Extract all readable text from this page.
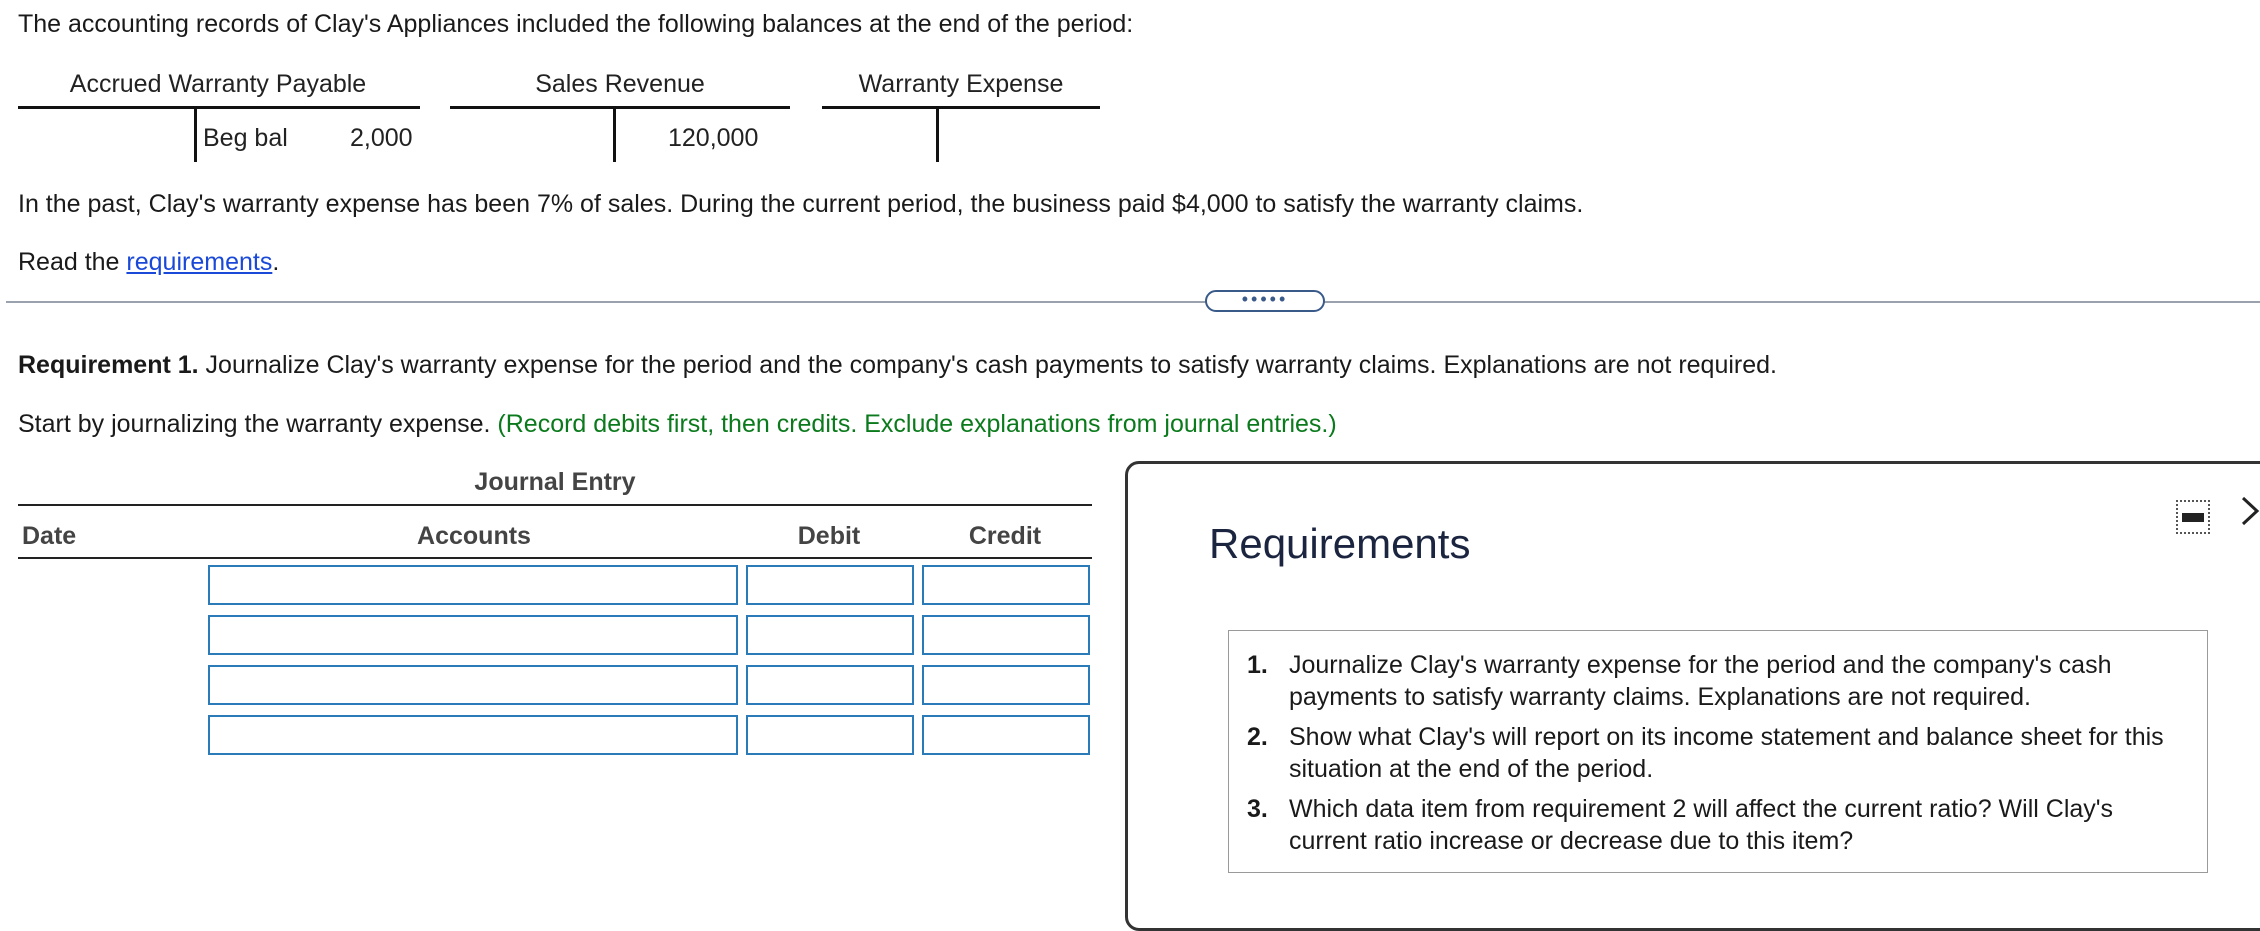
The accounting records of Clay's Appliances included the following balances at the end of the period:
Accrued Warranty Payable
Beg bal 2,000
Sales Revenue
120,000
Warranty Expense
In the past, Clay's warranty expense has been 7% of sales. During the current period, the business paid $4,000 to satisfy the warranty claims.
Read the requirements.
•••••
Requirement 1. Journalize Clay's warranty expense for the period and the company's cash payments to satisfy warranty claims. Explanations are not required.
Start by journalizing the warranty expense. (Record debits first, then credits. Exclude explanations from journal entries.)
Journal Entry
Date	Accounts	Debit	Credit	Requirements
1. Journalize Clay's warranty expense for the period and the company's cash payments to satisfy warranty claims. Explanations are not required.
2. Show what Clay's will report on its income statement and balance sheet for this situation at the end of the period.
3. Which data item from requirement 2 will affect the current ratio? Will Clay's current ratio increase or decrease due to this item?
